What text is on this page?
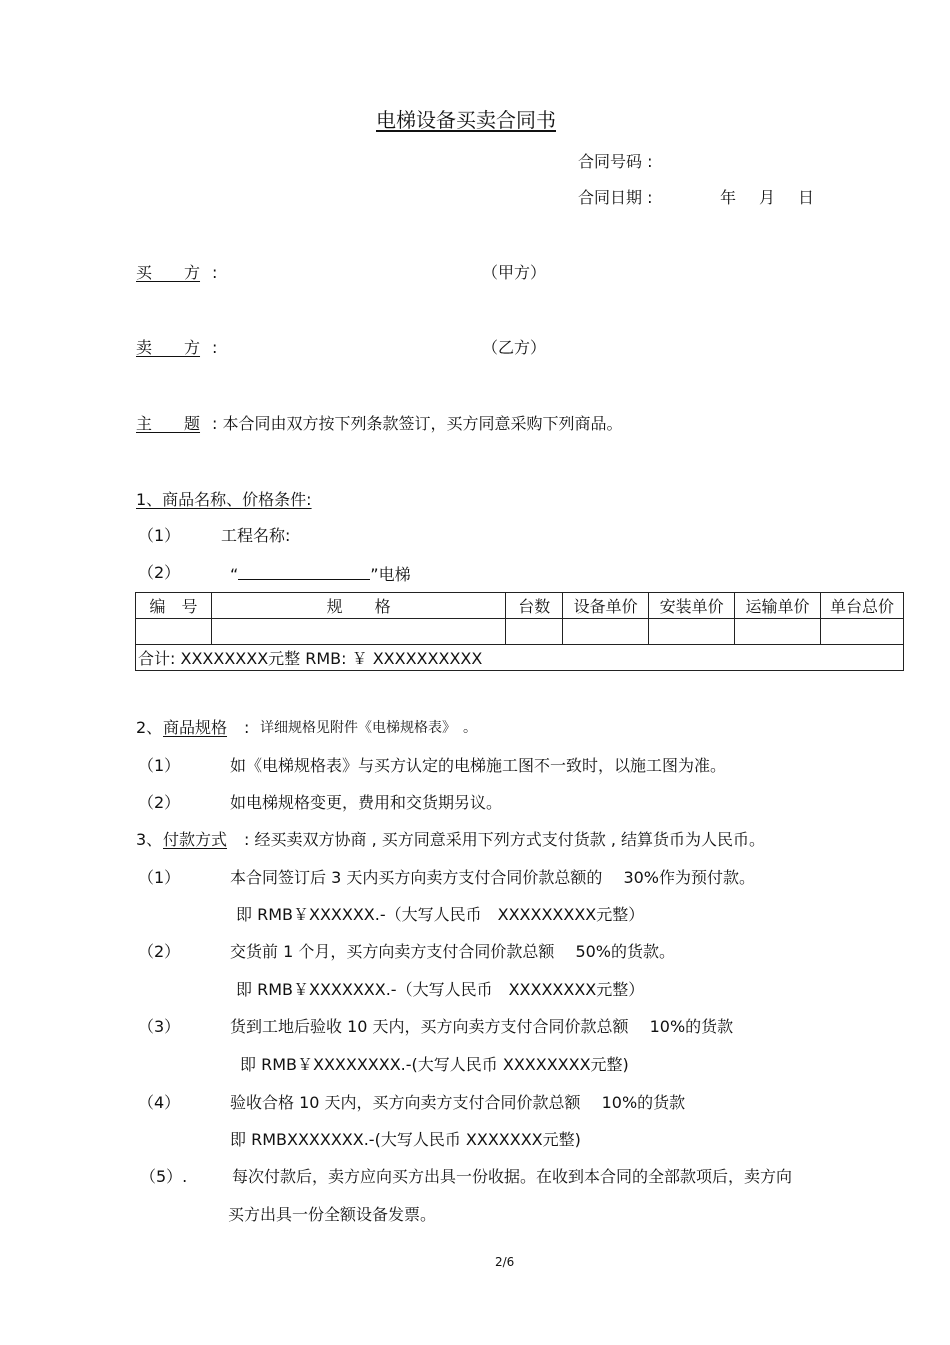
电梯设备买卖合同书
合同号码 :
合同日期 :	年 月 日
买　　方 :	（甲方）
卖　　方 :	（乙方）
主　　题 : 本合同由双方按下列条款签订，买方同意采购下列商品。
1、商品名称、价格条件:
（1）	工程名称:
（2）	“	”电梯
编　号	规　　格	台数	设备单价	安装单价	运输单价	单台总价

合计: XXXXXXXX元整 RMB: ￥ XXXXXXXXXX						
2、 商品规格 : 详细规格见附件《电梯规格表》　。
（1）	如《电梯规格表》与买方认定的电梯施工图不一致时，以施工图为准。
（2）	如电梯规格变更，费用和交货期另议。
3、 付款方式 : 经买卖双方协商 , 买方同意采用下列方式支付货款 , 结算货币为人民币。
（1）	本合同签订后 3 天内买方向卖方支付合同价款总额的　 30%作为预付款。
即 RMB￥XXXXXX.-（大写人民币　XXXXXXXXX元整）
（2）	交货前 1 个月，买方向卖方支付合同价款总额　 50%的货款。
即 RMB￥XXXXXXX.-（大写人民币　XXXXXXXX元整）
（3）	货到工地后验收 10 天内，买方向卖方支付合同价款总额　 10%的货款
即 RMB￥XXXXXXXX.-(大写人民币 XXXXXXXX元整)
（4）	验收合格 10 天内，买方向卖方支付合同价款总额　 10%的货款
即 RMBXXXXXXX.-(大写人民币 XXXXXXX元整)
（5）.	每次付款后，卖方应向买方出具一份收据。在收到本合同的全部款项后，卖方向
买方出具一份全额设备发票。
2/6
